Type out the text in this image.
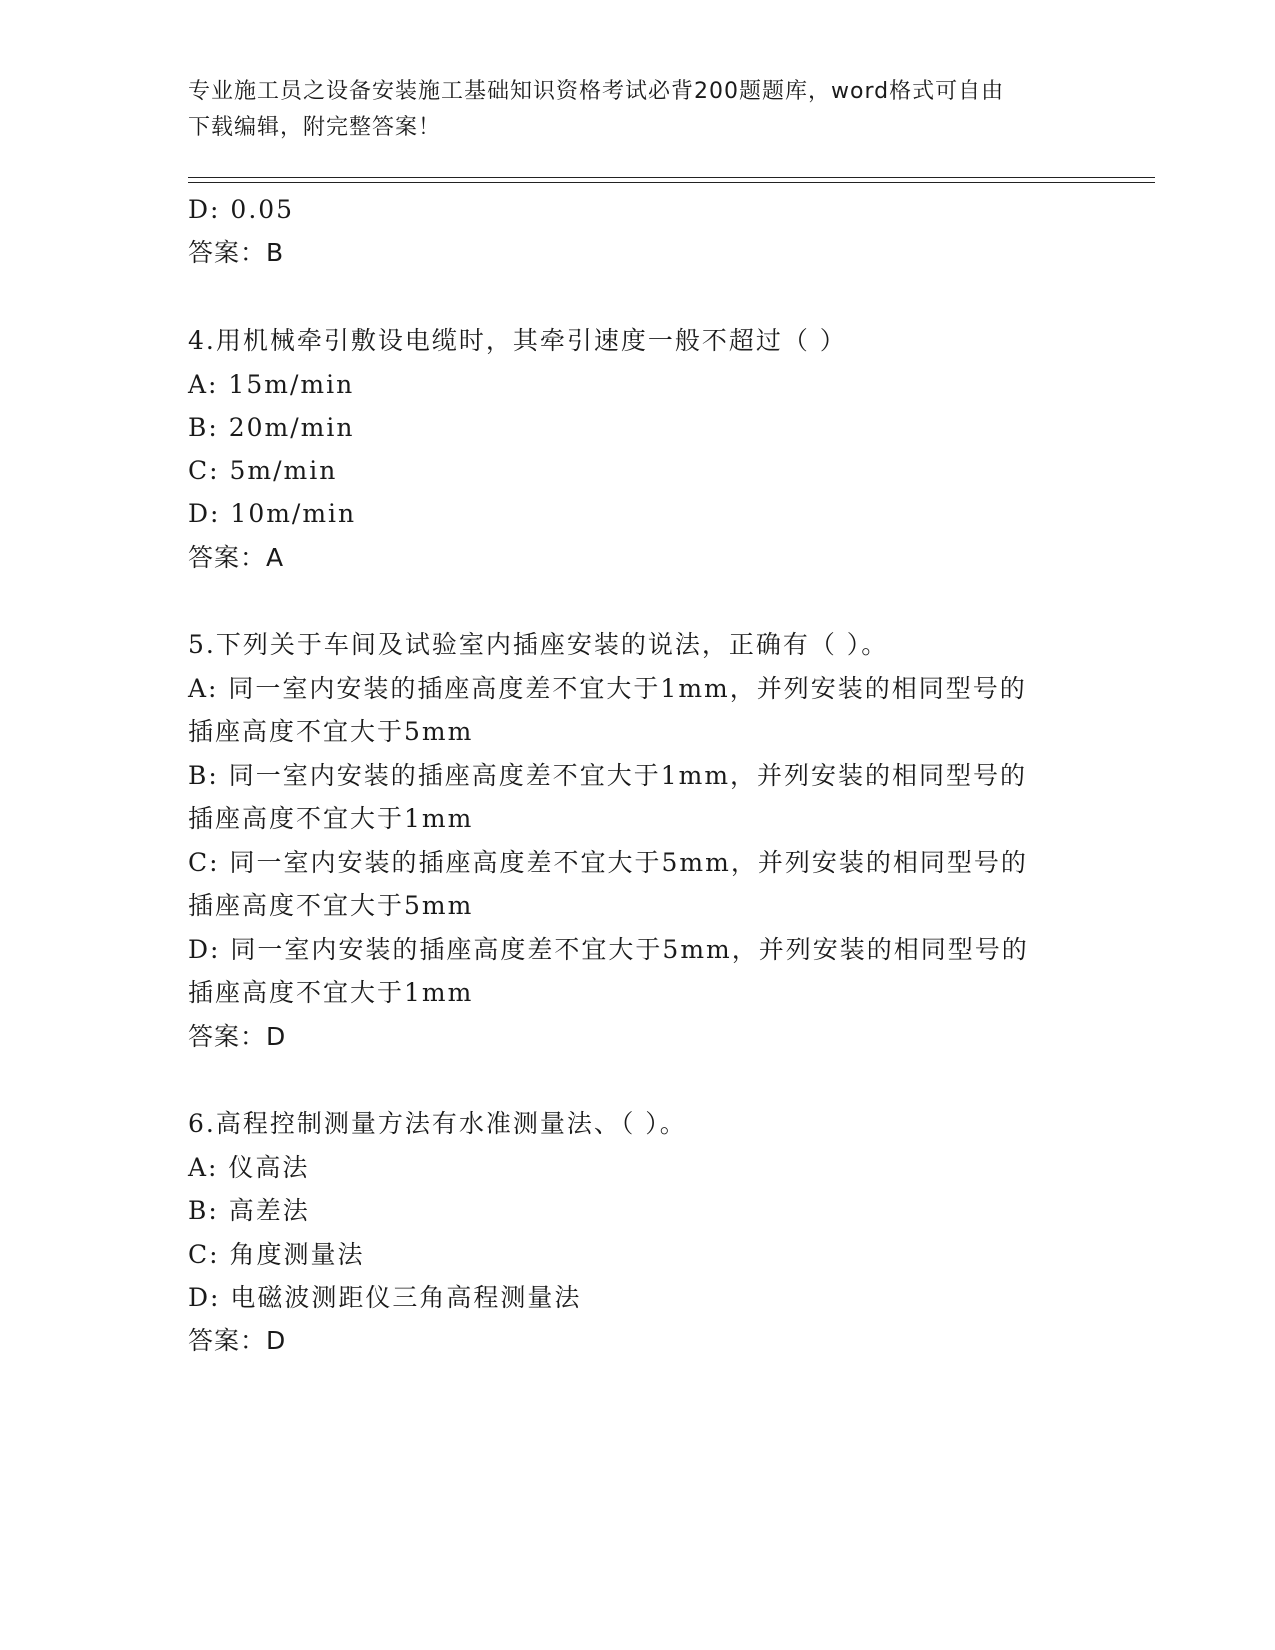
专业施工员之设备安装施工基础知识资格考试必背200题题库，word格式可自由
下载编辑，附完整答案！
D: 0.05
答案：B
4.用机械牵引敷设电缆时，其牵引速度一般不超过（ ）
A: 15m/min
B: 20m/min
C: 5m/min
D: 10m/min
答案：A
5.下列关于车间及试验室内插座安装的说法，正确有（ ）。
A: 同一室内安装的插座高度差不宜大于1mm，并列安装的相同型号的
插座高度不宜大于5mm
B: 同一室内安装的插座高度差不宜大于1mm，并列安装的相同型号的
插座高度不宜大于1mm
C: 同一室内安装的插座高度差不宜大于5mm，并列安装的相同型号的
插座高度不宜大于5mm
D: 同一室内安装的插座高度差不宜大于5mm，并列安装的相同型号的
插座高度不宜大于1mm
答案：D
6.高程控制测量方法有水准测量法、（ ）。
A: 仪高法
B: 高差法
C: 角度测量法
D: 电磁波测距仪三角高程测量法
答案：D
